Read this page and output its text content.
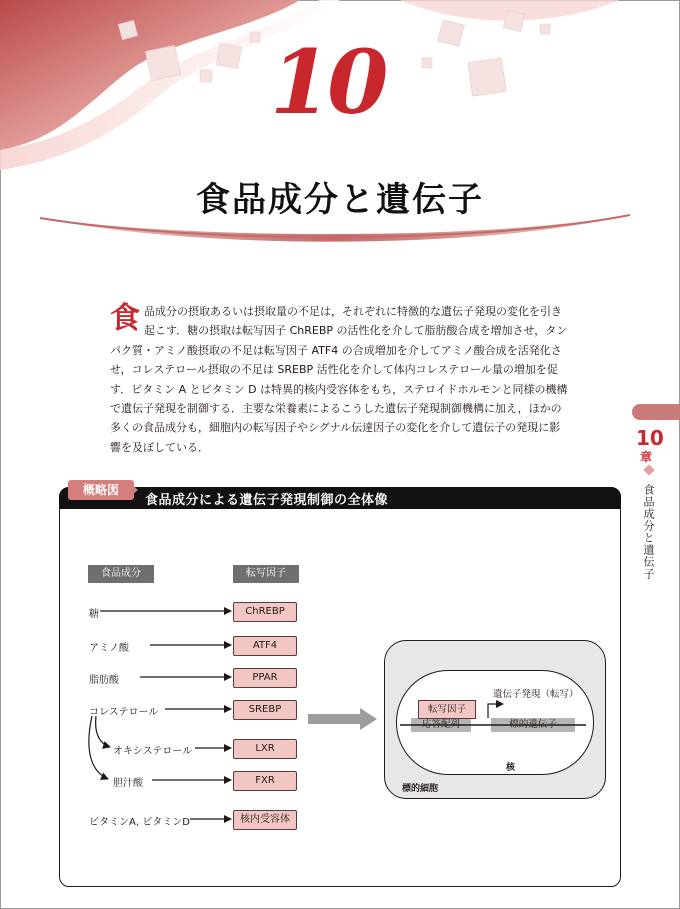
10
食品成分と遺伝子
食品成分の摂取あるいは摂取量の不足は，それぞれに特徴的な遺伝子発現の変化を引き起こす．糖の摂取は転写因子 ChREBP の活性化を介して脂肪酸合成を増加させ，タンパク質・アミノ酸摂取の不足は転写因子 ATF4 の合成増加を介してアミノ酸合成を活発化させ，コレステロール摂取の不足は SREBP 活性化を介して体内コレステロール量の増加を促す．ビタミン A とビタミン D は特異的核内受容体をもち，ステロイドホルモンと同様の機構で遺伝子発現を制御する．主要な栄養素によるこうした遺伝子発現制御機構に加え，ほかの多くの食品成分も，細胞内の転写因子やシグナル伝達因子の変化を介して遺伝子の発現に影響を及ぼしている．	10
章
食品成分と遺伝子
概略図
食品成分による遺伝子発現制御の全体像
食品成分	転写因子
糖
アミノ酸
脂肪酸
コレステロール
オキシステロール
胆汁酸
ビタミンA, ビタミンD
ChREBP
ATF4
PPAR
SREBP
LXR
FXR
核内受容体
応答配列	標的遺伝子
転写因子
遺伝子発現（転写）
核
標的細胞
